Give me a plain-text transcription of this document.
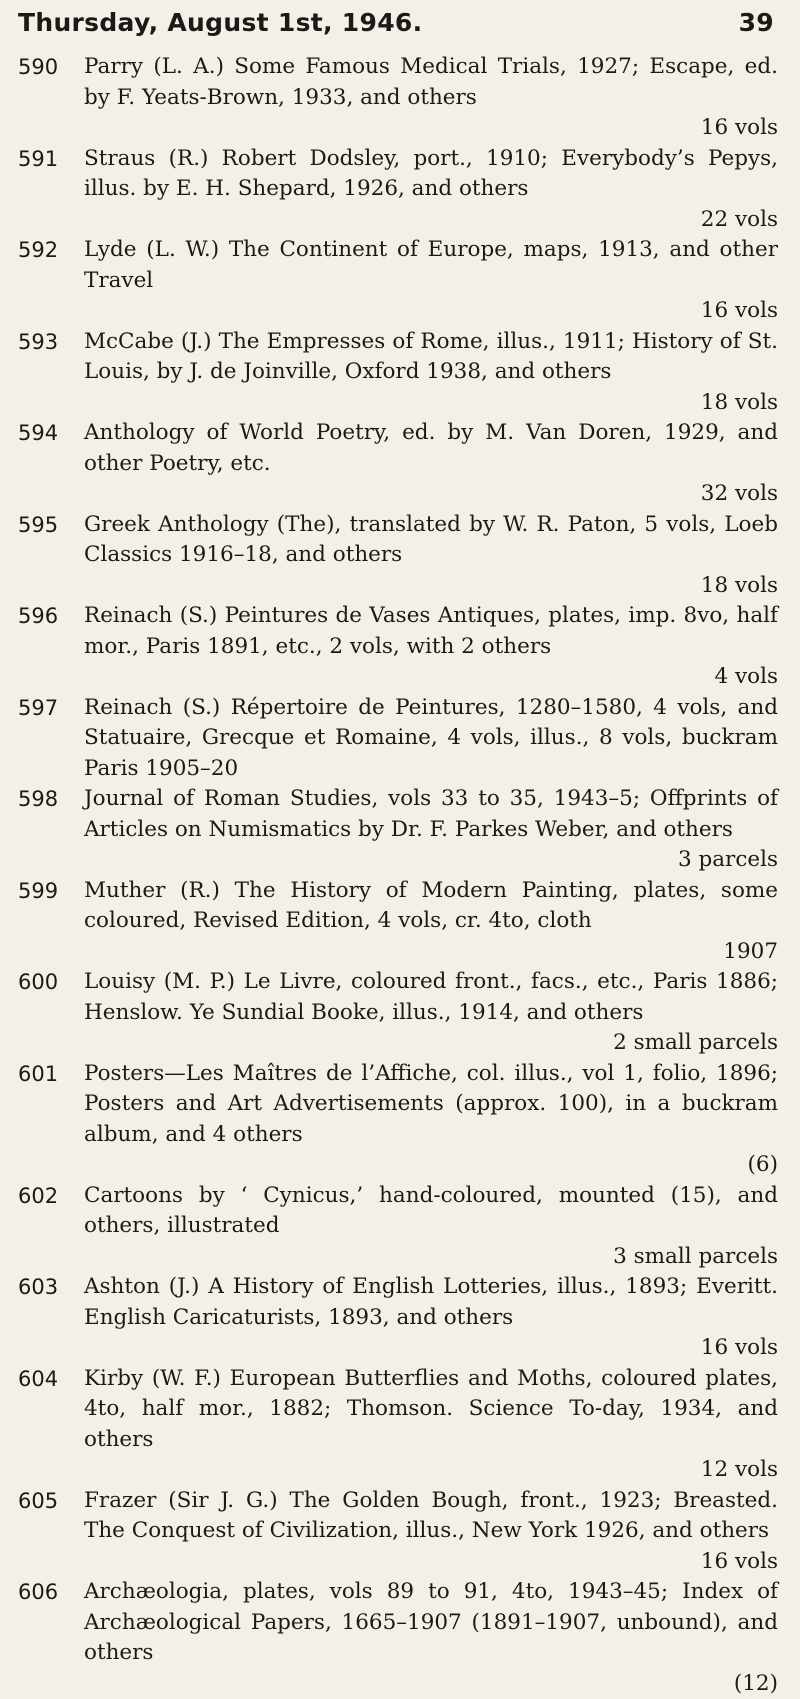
Thursday, August 1st, 1946.	39
590	Parry (L. A.) Some Famous Medical Trials, 1927; Escape, ed. by F. Yeats-Brown, 1933, and others
16 vols
591	Straus (R.) Robert Dodsley, port., 1910; Everybody’s Pepys, illus. by E. H. Shepard, 1926, and others
22 vols
592	Lyde (L. W.) The Continent of Europe, maps, 1913, and other Travel
16 vols
593	McCabe (J.) The Empresses of Rome, illus., 1911; History of St. Louis, by J. de Joinville, Oxford 1938, and others
18 vols
594	Anthology of World Poetry, ed. by M. Van Doren, 1929, and other Poetry, etc.
32 vols
595	Greek Anthology (The), translated by W. R. Paton, 5 vols, Loeb Classics 1916–18, and others
18 vols
596	Reinach (S.) Peintures de Vases Antiques, plates, imp. 8vo, half mor., Paris 1891, etc., 2 vols, with 2 others
4 vols
597	Reinach (S.) Répertoire de Peintures, 1280–1580, 4 vols, and Statuaire, Grecque et Romaine, 4 vols, illus., 8 vols, buckram Paris 1905–20
598	Journal of Roman Studies, vols 33 to 35, 1943–5; Offprints of Articles on Numismatics by Dr. F. Parkes Weber, and others
3 parcels
599	Muther (R.) The History of Modern Painting, plates, some coloured, Revised Edition, 4 vols, cr. 4to, cloth
1907
600	Louisy (M. P.) Le Livre, coloured front., facs., etc., Paris 1886; Henslow. Ye Sundial Booke, illus., 1914, and others
2 small parcels
601	Posters—Les Maîtres de l’Affiche, col. illus., vol 1, folio, 1896; Posters and Art Advertisements (approx. 100), in a buckram album, and 4 others
(6)
602	Cartoons by ‘ Cynicus,’ hand-coloured, mounted (15), and others, illustrated
3 small parcels
603	Ashton (J.) A History of English Lotteries, illus., 1893; Everitt. English Caricaturists, 1893, and others
16 vols
604	Kirby (W. F.) European Butterflies and Moths, coloured plates, 4to, half mor., 1882; Thomson. Science To-day, 1934, and others
12 vols
605	Frazer (Sir J. G.) The Golden Bough, front., 1923; Breasted. The Conquest of Civilization, illus., New York 1926, and others
16 vols
606	Archæologia, plates, vols 89 to 91, 4to, 1943–45; Index of Archæological Papers, 1665–1907 (1891–1907, unbound), and others
(12)
